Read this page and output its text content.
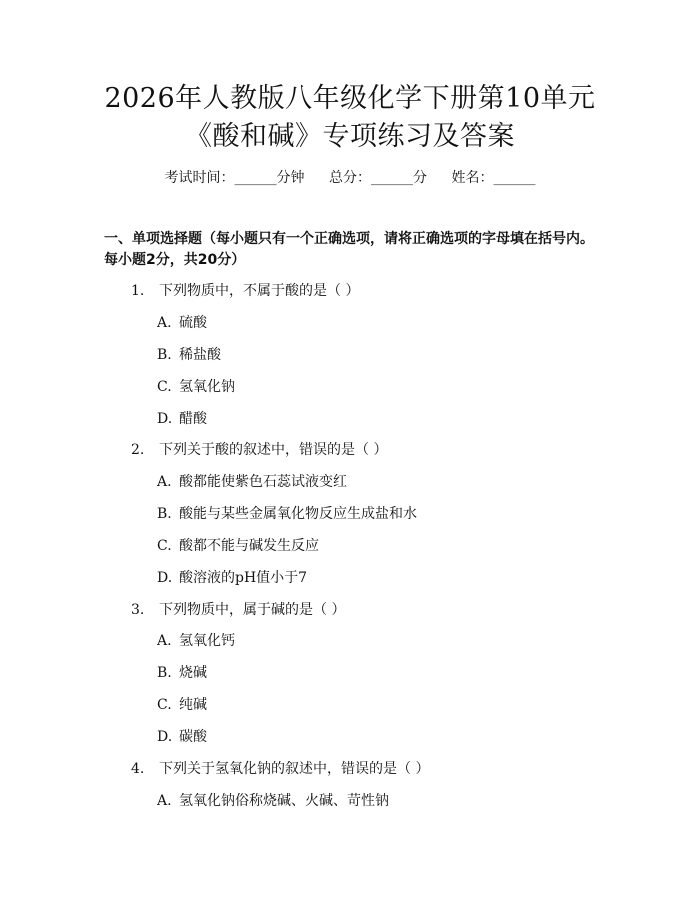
2026年人教版八年级化学下册第10单元
《酸和碱》专项练习及答案
考试时间：______分钟 总分：______分 姓名：______
一、单项选择题（每小题只有一个正确选项，请将正确选项的字母填在括号内。每小题2分，共20分）
1. 下列物质中，不属于酸的是（ ）
A. 硫酸
B. 稀盐酸
C. 氢氧化钠
D. 醋酸
2. 下列关于酸的叙述中，错误的是（ ）
A. 酸都能使紫色石蕊试液变红
B. 酸能与某些金属氧化物反应生成盐和水
C. 酸都不能与碱发生反应
D. 酸溶液的pH值小于7
3. 下列物质中，属于碱的是（ ）
A. 氢氧化钙
B. 烧碱
C. 纯碱
D. 碳酸
4. 下列关于氢氧化钠的叙述中，错误的是（ ）
A. 氢氧化钠俗称烧碱、火碱、苛性钠
